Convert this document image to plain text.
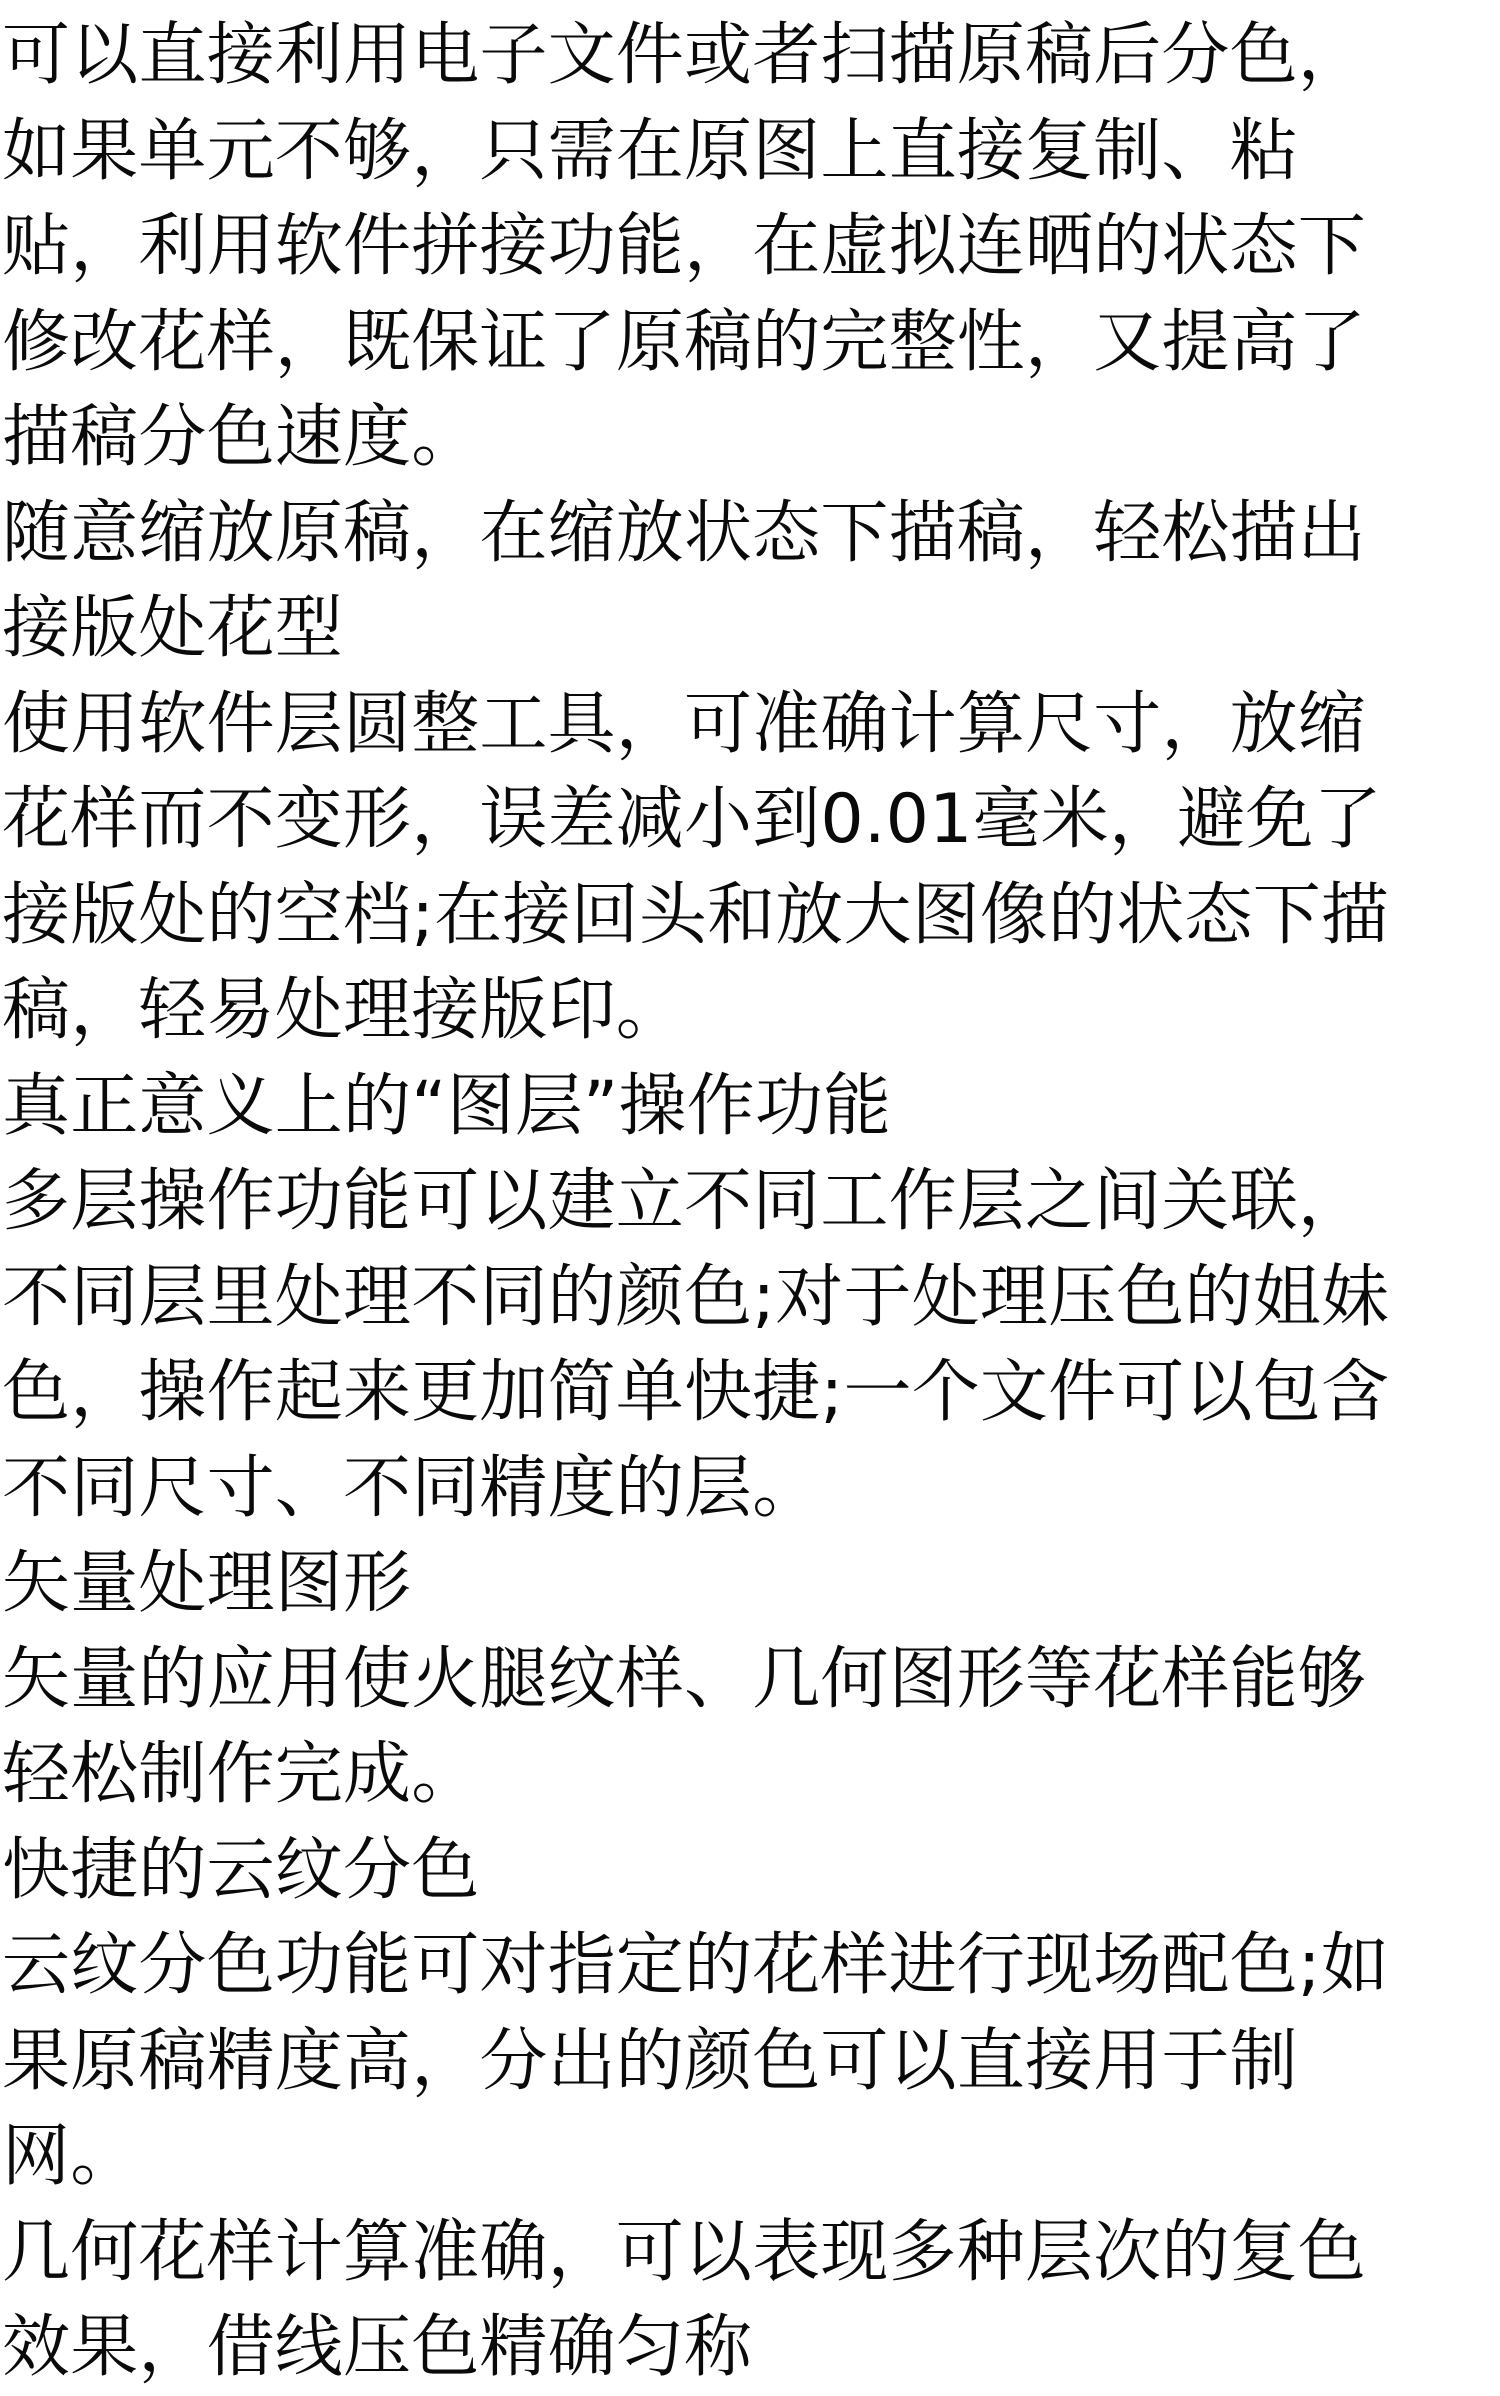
可以直接利用电子文件或者扫描原稿后分色，
如果单元不够，只需在原图上直接复制、粘
贴，利用软件拼接功能，在虚拟连晒的状态下
修改花样，既保证了原稿的完整性，又提高了
描稿分色速度。
随意缩放原稿，在缩放状态下描稿，轻松描出
接版处花型
使用软件层圆整工具，可准确计算尺寸，放缩
花样而不变形，误差减小到0.01毫米，避免了
接版处的空档;在接回头和放大图像的状态下描
稿，轻易处理接版印。
真正意义上的“图层”操作功能
多层操作功能可以建立不同工作层之间关联，
不同层里处理不同的颜色;对于处理压色的姐妹
色，操作起来更加简单快捷;一个文件可以包含
不同尺寸、不同精度的层。
矢量处理图形
矢量的应用使火腿纹样、几何图形等花样能够
轻松制作完成。
快捷的云纹分色
云纹分色功能可对指定的花样进行现场配色;如
果原稿精度高，分出的颜色可以直接用于制
网。
几何花样计算准确，可以表现多种层次的复色
效果，借线压色精确匀称
